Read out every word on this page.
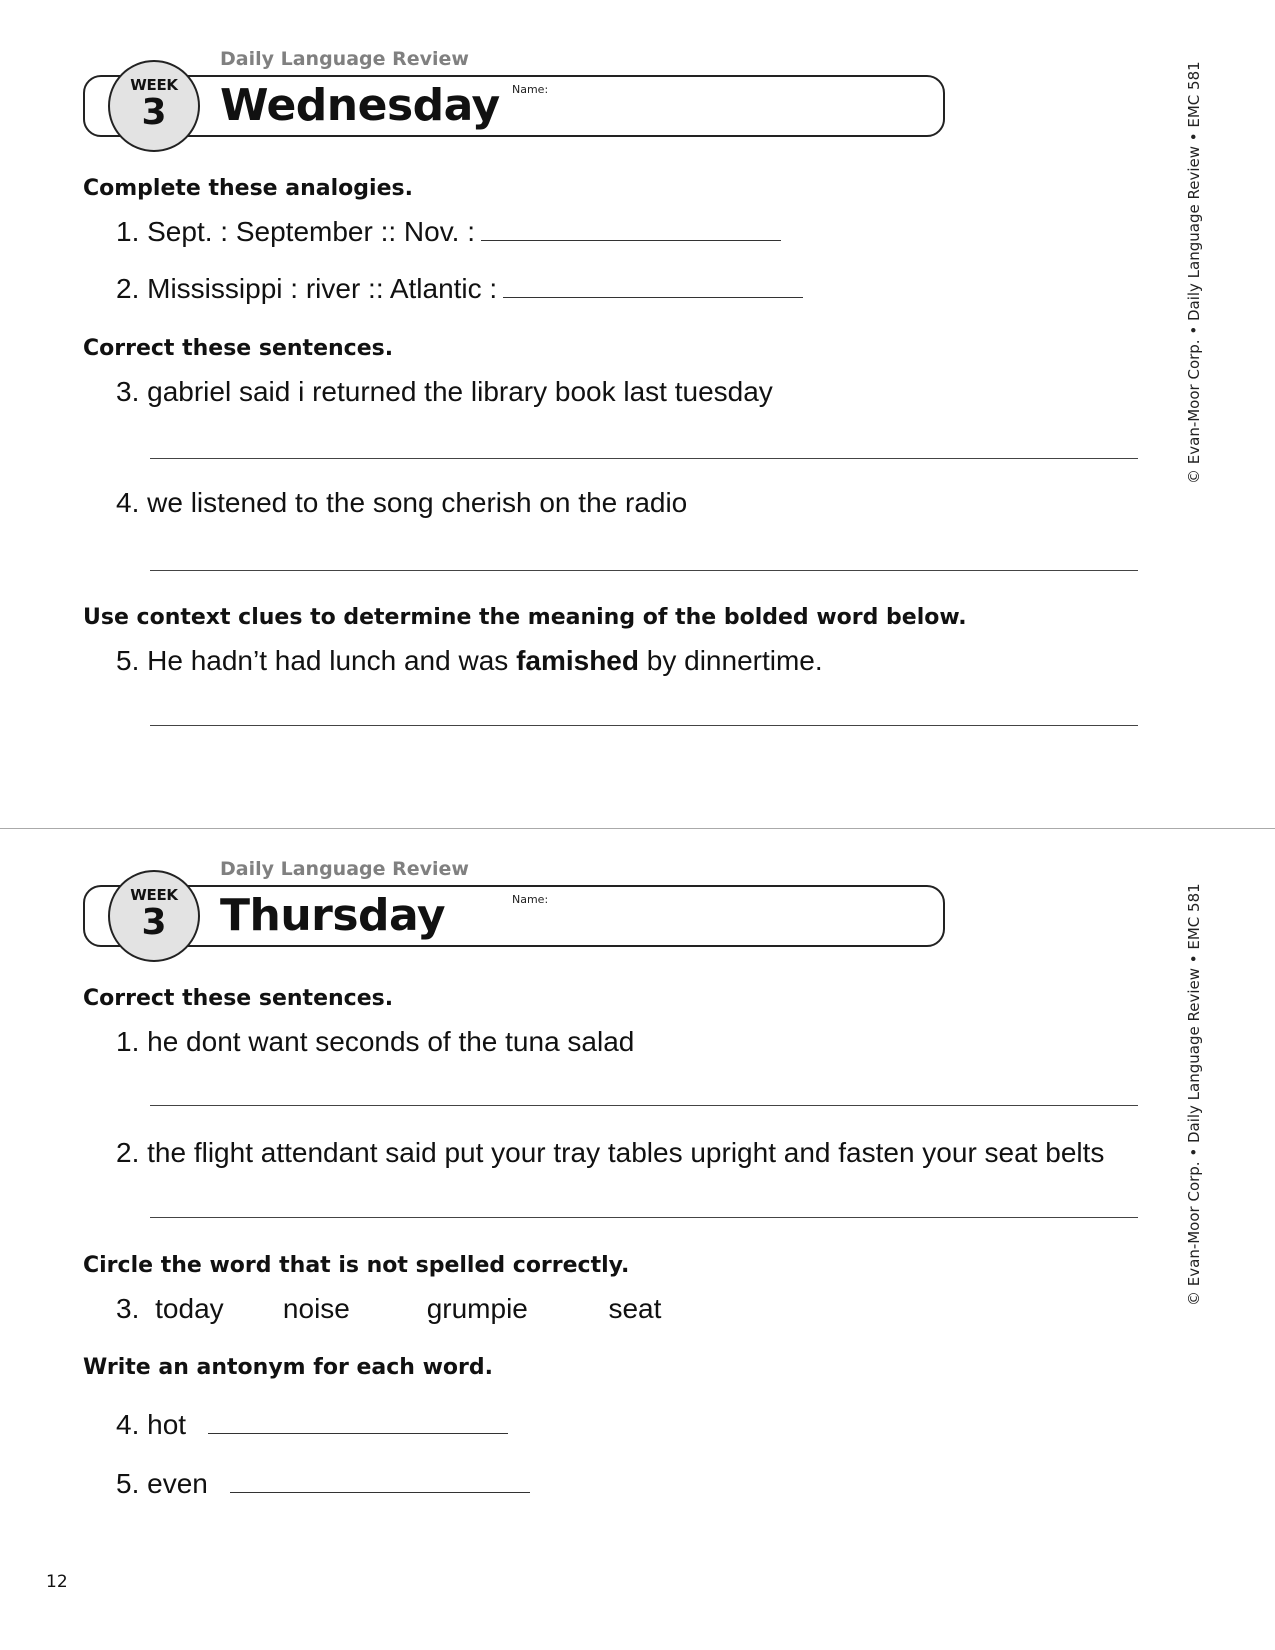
Daily Language Review
WEEK
3	Wednesday Name:
Complete these analogies.
1. Sept. : September :: Nov. :
2. Mississippi : river :: Atlantic :
Correct these sentences.
3. gabriel said i returned the library book last tuesday
4. we listened to the song cherish on the radio
Use context clues to determine the meaning of the bolded word below.
5. He hadn’t had lunch and was famished by dinnertime.
Daily Language Review
WEEK
3	Thursday	Name:
Correct these sentences.
1. he dont want seconds of the tuna salad
2. the flight attendant said put your tray tables upright and fasten your seat belts
Circle the word that is not spelled correctly.
3. today noise	grumpie	seat
Write an antonym for each word.
4. hot
5. even
© Evan-Moor Corp. • Daily Language Review • EMC 581
© Evan-Moor Corp. • Daily Language Review • EMC 581
12
